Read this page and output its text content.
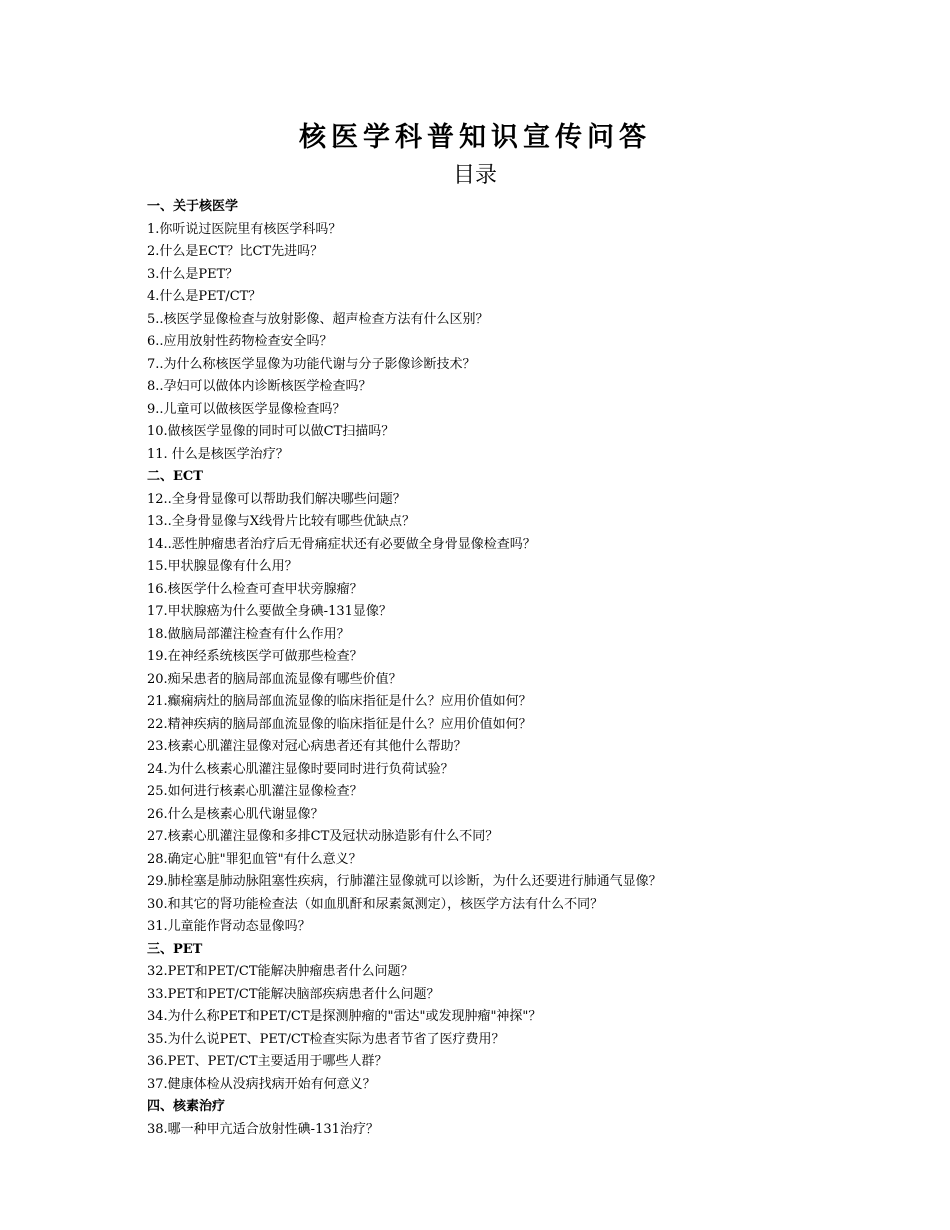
核医学科普知识宣传问答
目录
一、关于核医学
1.你听说过医院里有核医学科吗？
2.什么是ECT？比CT先进吗？
3.什么是PET？
4.什么是PET/CT？
5..核医学显像检查与放射影像、超声检查方法有什么区别？
6..应用放射性药物检查安全吗？
7..为什么称核医学显像为功能代谢与分子影像诊断技术？
8..孕妇可以做体内诊断核医学检查吗？
9..儿童可以做核医学显像检查吗？
10.做核医学显像的同时可以做CT扫描吗？
11. 什么是核医学治疗？
二、ECT
12..全身骨显像可以帮助我们解决哪些问题？
13..全身骨显像与X线骨片比较有哪些优缺点？
14..恶性肿瘤患者治疗后无骨痛症状还有必要做全身骨显像检查吗？
15.甲状腺显像有什么用？
16.核医学什么检查可查甲状旁腺瘤？
17.甲状腺癌为什么要做全身碘-131显像？
18.做脑局部灌注检查有什么作用？
19.在神经系统核医学可做那些检查？
20.痴呆患者的脑局部血流显像有哪些价值？
21.癫痫病灶的脑局部血流显像的临床指征是什么？应用价值如何？
22.精神疾病的脑局部血流显像的临床指征是什么？应用价值如何？
23.核素心肌灌注显像对冠心病患者还有其他什么帮助？
24.为什么核素心肌灌注显像时要同时进行负荷试验？
25.如何进行核素心肌灌注显像检查？
26.什么是核素心肌代谢显像？
27.核素心肌灌注显像和多排CT及冠状动脉造影有什么不同？
28.确定心脏"罪犯血管"有什么意义？
29.肺栓塞是肺动脉阻塞性疾病，行肺灌注显像就可以诊断，为什么还要进行肺通气显像？
30.和其它的肾功能检查法（如血肌酐和尿素氮测定），核医学方法有什么不同？
31.儿童能作肾动态显像吗？
三、PET
32.PET和PET/CT能解决肿瘤患者什么问题？
33.PET和PET/CT能解决脑部疾病患者什么问题？
34.为什么称PET和PET/CT是探测肿瘤的"雷达"或发现肿瘤"神探"？
35.为什么说PET、PET/CT检查实际为患者节省了医疗费用？
36.PET、PET/CT主要适用于哪些人群？
37.健康体检从没病找病开始有何意义？
四、核素治疗
38.哪一种甲亢适合放射性碘-131治疗？
